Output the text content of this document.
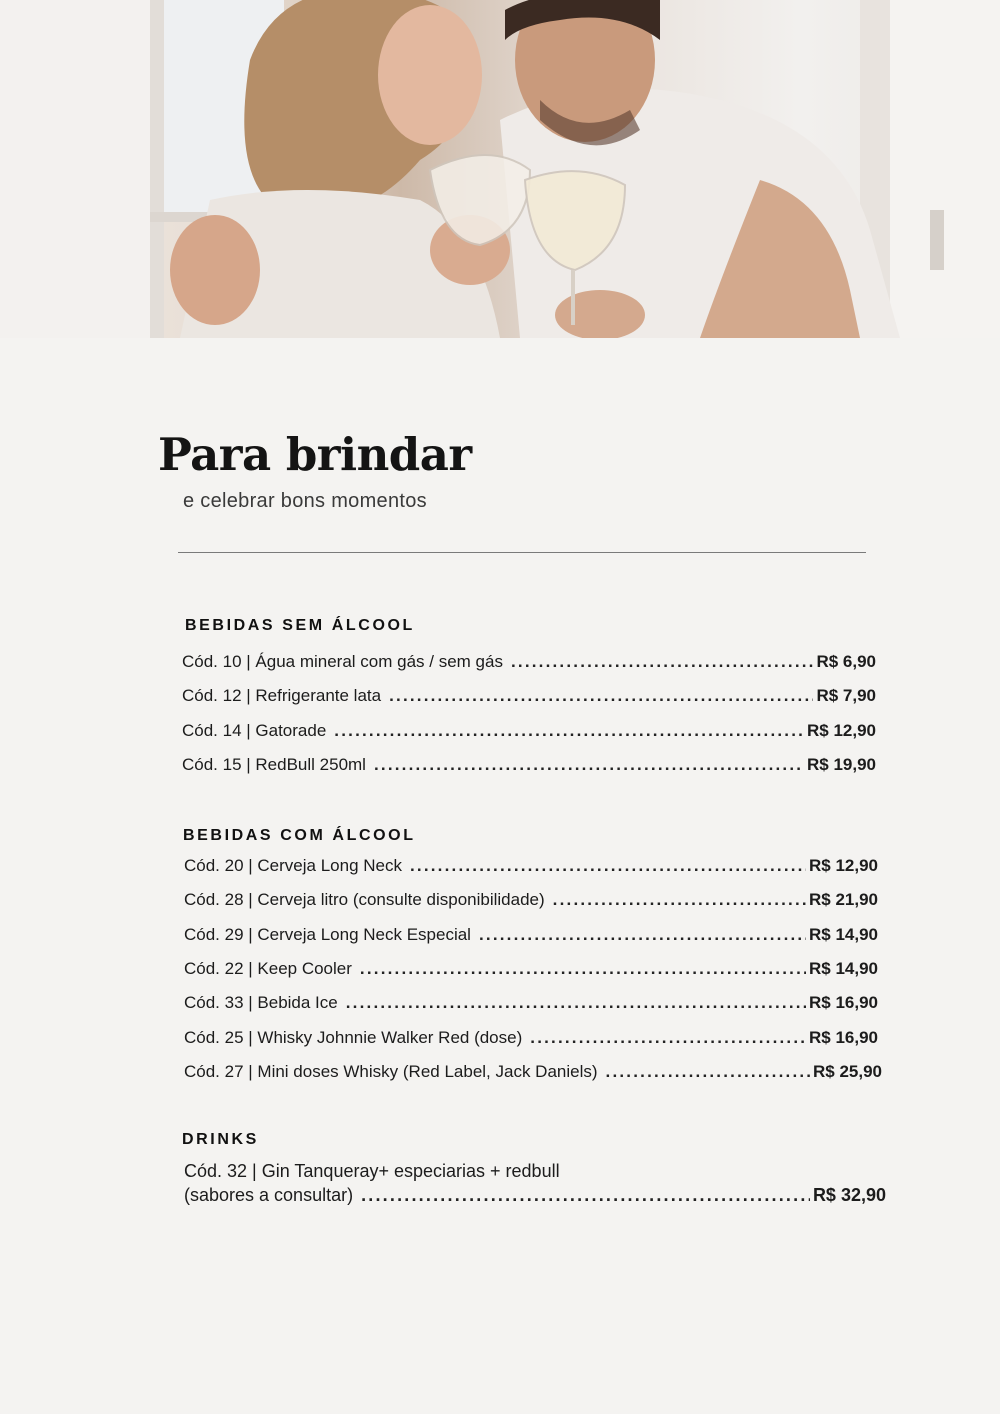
Para brindar
e celebrar bons momentos
BEBIDAS SEM ÁLCOOL
Cód. 10 | Água mineral com gás / sem gás .....	R$ 6,90
Cód. 12 | Refrigerante lata .....	R$ 7,90
Cód. 14 | Gatorade .....	R$ 12,90
Cód. 15 | RedBull 250ml .....	R$ 19,90
BEBIDAS COM ÁLCOOL
Cód. 20 | Cerveja Long Neck .....	R$ 12,90
Cód. 28 | Cerveja litro (consulte disponibilidade) .....	R$ 21,90
Cód. 29 | Cerveja Long Neck Especial .....	R$ 14,90
Cód. 22 | Keep Cooler .....	R$ 14,90
Cód. 33 | Bebida Ice .....	R$ 16,90
Cód. 25 | Whisky Johnnie Walker Red (dose) .....	R$ 16,90
Cód. 27 | Mini doses Whisky (Red Label, Jack Daniels) .....	R$ 25,90
DRINKS
Cód. 32 | Gin Tanqueray+ especiarias + redbull
(sabores a consultar) .....	R$ 32,90
